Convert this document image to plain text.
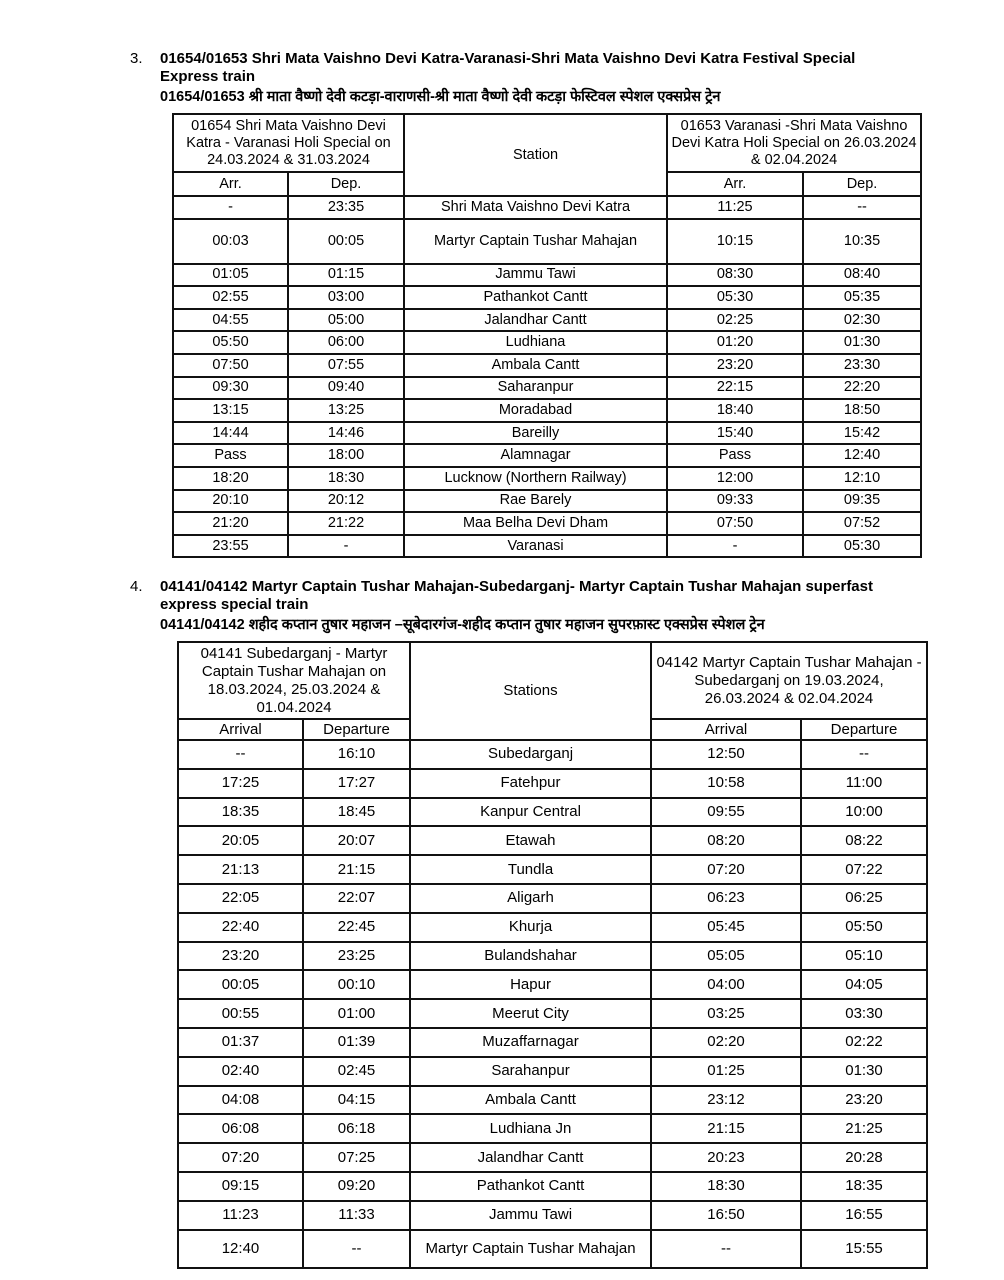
3. 01654/01653 Shri Mata Vaishno Devi Katra-Varanasi-Shri Mata Vaishno Devi Katra Festival Special
Express train
01654/01653 श्री माता वैष्णो देवी कटड़ा-वाराणसी-श्री माता वैष्णो देवी कटड़ा फेस्टिवल स्पेशल एक्सप्रेस ट्रेन
01654 Shri Mata Vaishno Devi Katra - Varanasi Holi Special on 24.03.2024 & 31.03.2024		Station	01653 Varanasi -Shri Mata Vaishno Devi Katra Holi Special on 26.03.2024 & 02.04.2024	
Arr.	Dep.		Arr.	Dep.
-	23:35	Shri Mata Vaishno Devi Katra	11:25	--
00:03	00:05	Martyr Captain Tushar Mahajan	10:15	10:35
01:05	01:15	Jammu Tawi	08:30	08:40
02:55	03:00	Pathankot Cantt	05:30	05:35
04:55	05:00	Jalandhar Cantt	02:25	02:30
05:50	06:00	Ludhiana	01:20	01:30
07:50	07:55	Ambala Cantt	23:20	23:30
09:30	09:40	Saharanpur	22:15	22:20
13:15	13:25	Moradabad	18:40	18:50
14:44	14:46	Bareilly	15:40	15:42
Pass	18:00	Alamnagar	Pass	12:40
18:20	18:30	Lucknow (Northern Railway)	12:00	12:10
20:10	20:12	Rae Barely	09:33	09:35
21:20	21:22	Maa Belha Devi Dham	07:50	07:52
23:55	-	Varanasi	-	05:30
4. 04141/04142 Martyr Captain Tushar Mahajan-Subedarganj- Martyr Captain Tushar Mahajan superfast
express special train
04141/04142 शहीद कप्तान तुषार महाजन –सूबेदारगंज-शहीद कप्तान तुषार महाजन सुपरफ़ास्ट एक्सप्रेस स्पेशल ट्रेन
04141 Subedarganj - Martyr Captain Tushar Mahajan on 18.03.2024, 25.03.2024 & 01.04.2024		Stations	04142 Martyr Captain Tushar Mahajan -Subedarganj on 19.03.2024, 26.03.2024 & 02.04.2024	
Arrival	Departure		Arrival	Departure
--	16:10	Subedarganj	12:50	--
17:25	17:27	Fatehpur	10:58	11:00
18:35	18:45	Kanpur Central	09:55	10:00
20:05	20:07	Etawah	08:20	08:22
21:13	21:15	Tundla	07:20	07:22
22:05	22:07	Aligarh	06:23	06:25
22:40	22:45	Khurja	05:45	05:50
23:20	23:25	Bulandshahar	05:05	05:10
00:05	00:10	Hapur	04:00	04:05
00:55	01:00	Meerut City	03:25	03:30
01:37	01:39	Muzaffarnagar	02:20	02:22
02:40	02:45	Sarahanpur	01:25	01:30
04:08	04:15	Ambala Cantt	23:12	23:20
06:08	06:18	Ludhiana Jn	21:15	21:25
07:20	07:25	Jalandhar Cantt	20:23	20:28
09:15	09:20	Pathankot Cantt	18:30	18:35
11:23	11:33	Jammu Tawi	16:50	16:55
12:40	--	Martyr Captain Tushar Mahajan	--	15:55
